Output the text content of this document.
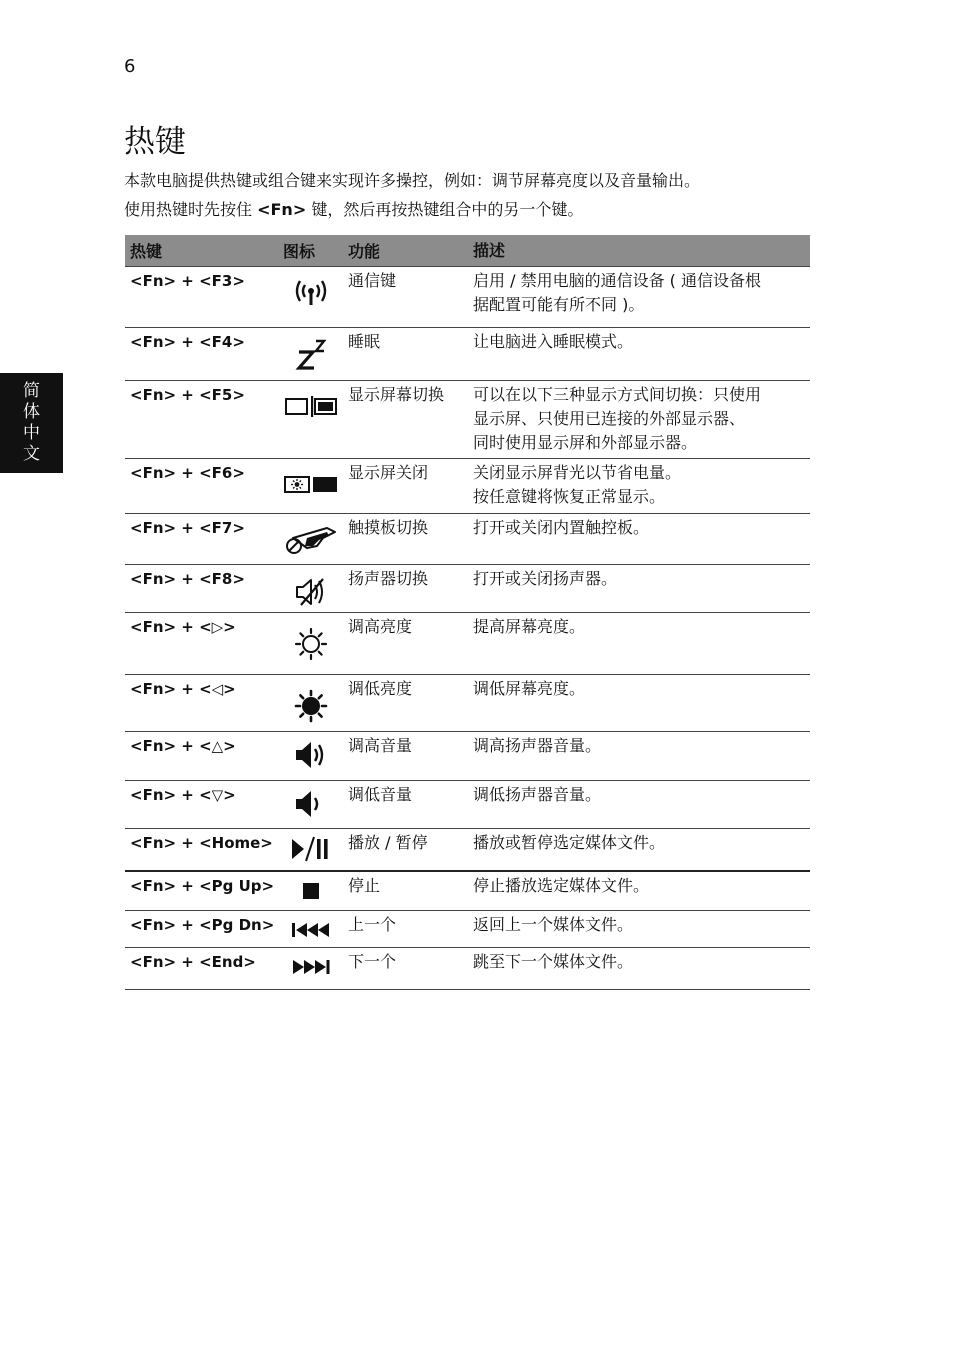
6
简
体
中
文
热键

本款电脑提供热键或组合键来实现许多操控，例如：调节屏幕亮度以及音量输出。
使用热键时先按住 <Fn> 键，然后再按热键组合中的另一个键。

热键	图标	功能	描述
<Fn> + <F3>	通信键	启用 / 禁用电脑的通信设备 ( 通信设备根
据配置可能有所不同 )。
<Fn> + <F4>	睡眠	让电脑进入睡眠模式。
<Fn> + <F5>	显示屏幕切换	可以在以下三种显示方式间切换：只使用
显示屏、只使用已连接的外部显示器、
同时使用显示屏和外部显示器。
<Fn> + <F6>	显示屏关闭	关闭显示屏背光以节省电量。
按任意键将恢复正常显示。
<Fn> + <F7>	触摸板切换	打开或关闭内置触控板。
<Fn> + <F8>	扬声器切换	打开或关闭扬声器。
<Fn> + <▷>	调高亮度	提高屏幕亮度。
<Fn> + <◁>	调低亮度	调低屏幕亮度。
<Fn> + <△>	调高音量	调高扬声器音量。
<Fn> + <▽>	调低音量	调低扬声器音量。
<Fn> + <Home>	播放 / 暂停	播放或暂停选定媒体文件。
<Fn> + <Pg Up>	停止	停止播放选定媒体文件。
<Fn> + <Pg Dn>	上一个	返回上一个媒体文件。
<Fn> + <End>	下一个	跳至下一个媒体文件。
